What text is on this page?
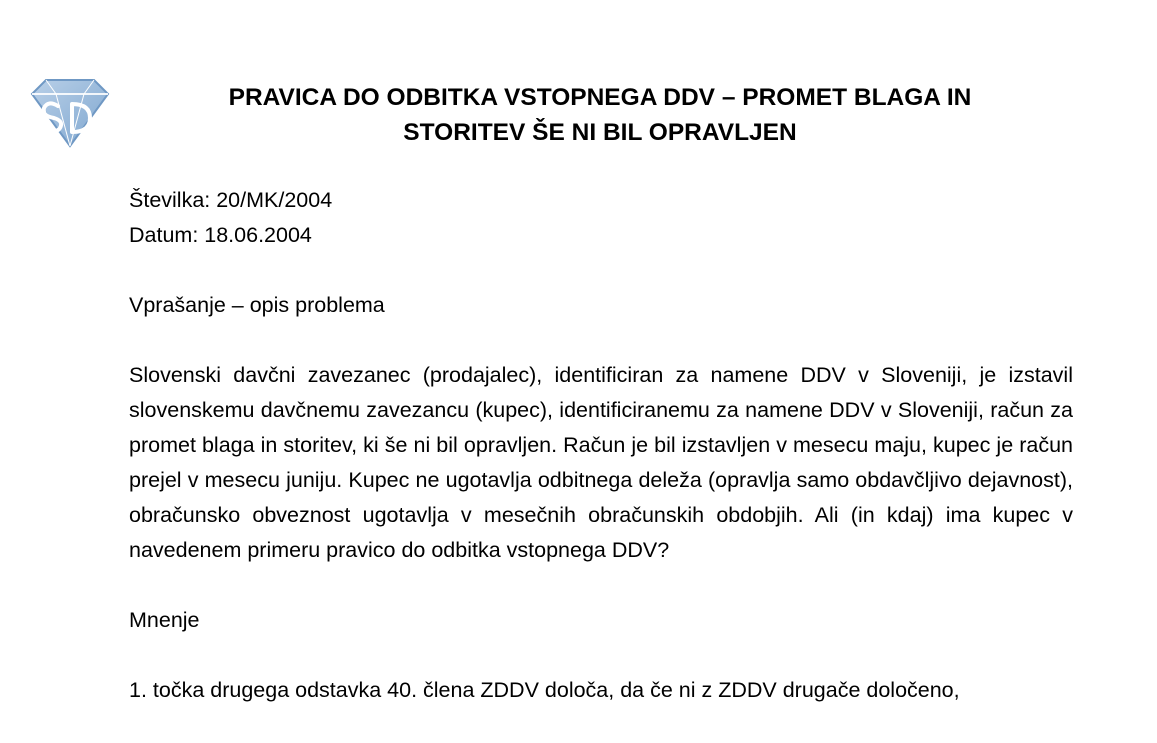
PRAVICA DO ODBITKA VSTOPNEGA DDV – PROMET BLAGA IN
STORITEV ŠE NI BIL OPRAVLJEN

Številka: 20/MK/2004

Datum: 18.06.2004

Vprašanje – opis problema

Slovenski davčni zavezanec (prodajalec), identificiran za namene DDV v Sloveniji, je izstavil slovenskemu davčnemu zavezancu (kupec), identificiranemu za namene DDV v Sloveniji, račun za promet blaga in storitev, ki še ni bil opravljen. Račun je bil izstavljen v mesecu maju, kupec je račun prejel v mesecu juniju. Kupec ne ugotavlja odbitnega deleža (opravlja samo obdavčljivo dejavnost), obračunsko obveznost ugotavlja v mesečnih obračunskih obdobjih. Ali (in kdaj) ima kupec v navedenem primeru pravico do odbitka vstopnega DDV?

Mnenje

1. točka drugega odstavka 40. člena ZDDV določa, da če ni z ZDDV drugače določeno,
